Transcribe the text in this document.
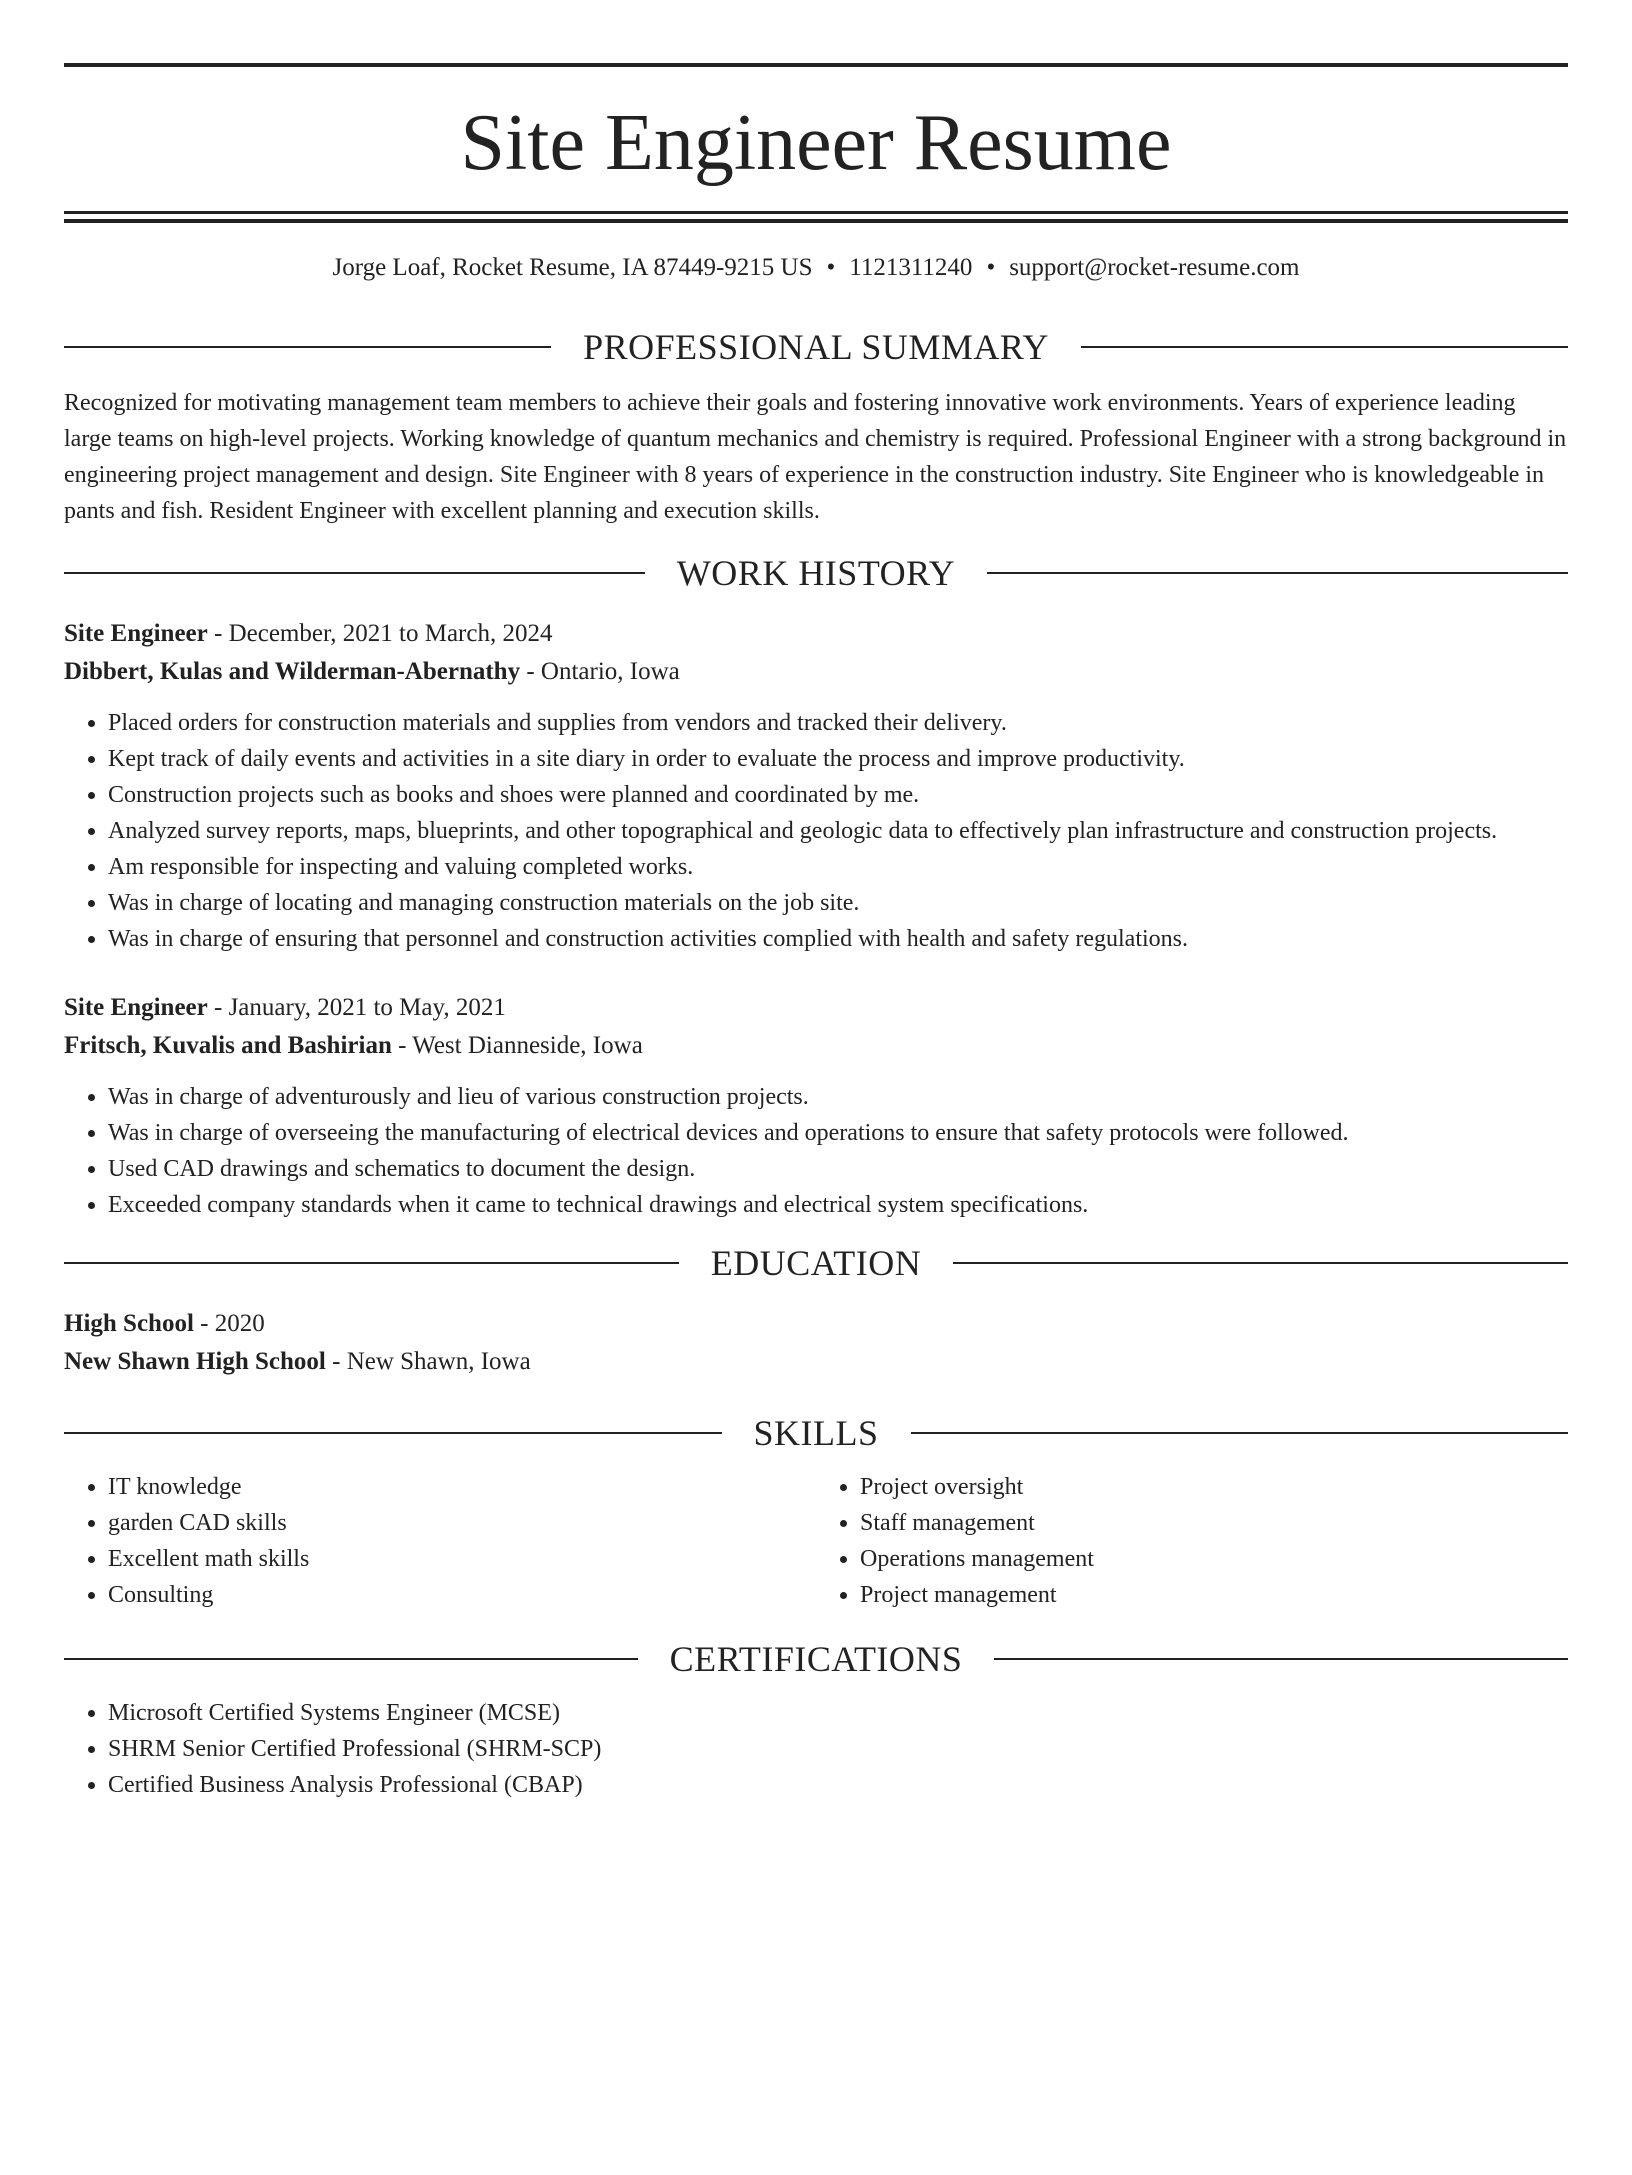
Site Engineer Resume
Jorge Loaf, Rocket Resume, IA 87449-9215 US • 1121311240 • support@rocket-resume.com
PROFESSIONAL SUMMARY

Recognized for motivating management team members to achieve their goals and fostering innovative work environments. Years of experience leading large teams on high-level projects. Working knowledge of quantum mechanics and chemistry is required. Professional Engineer with a strong background in engineering project management and design. Site Engineer with 8 years of experience in the construction industry. Site Engineer who is knowledgeable in pants and fish. Resident Engineer with excellent planning and execution skills.

WORK HISTORY
Site Engineer - December, 2021 to March, 2024
Dibbert, Kulas and Wilderman-Abernathy - Ontario, Iowa
• Placed orders for construction materials and supplies from vendors and tracked their delivery.
• Kept track of daily events and activities in a site diary in order to evaluate the process and improve productivity.
• Construction projects such as books and shoes were planned and coordinated by me.
• Analyzed survey reports, maps, blueprints, and other topographical and geologic data to effectively plan infrastructure and construction projects.
• Am responsible for inspecting and valuing completed works.
• Was in charge of locating and managing construction materials on the job site.
• Was in charge of ensuring that personnel and construction activities complied with health and safety regulations.
Site Engineer - January, 2021 to May, 2021
Fritsch, Kuvalis and Bashirian - West Dianneside, Iowa
• Was in charge of adventurously and lieu of various construction projects.
• Was in charge of overseeing the manufacturing of electrical devices and operations to ensure that safety protocols were followed.
• Used CAD drawings and schematics to document the design.
• Exceeded company standards when it came to technical drawings and electrical system specifications.
EDUCATION
High School - 2020
New Shawn High School - New Shawn, Iowa
SKILLS
• IT knowledge
• garden CAD skills
• Excellent math skills
• Consulting
• Project oversight
• Staff management
• Operations management
• Project management
CERTIFICATIONS
• Microsoft Certified Systems Engineer (MCSE)
• SHRM Senior Certified Professional (SHRM-SCP)
• Certified Business Analysis Professional (CBAP)
